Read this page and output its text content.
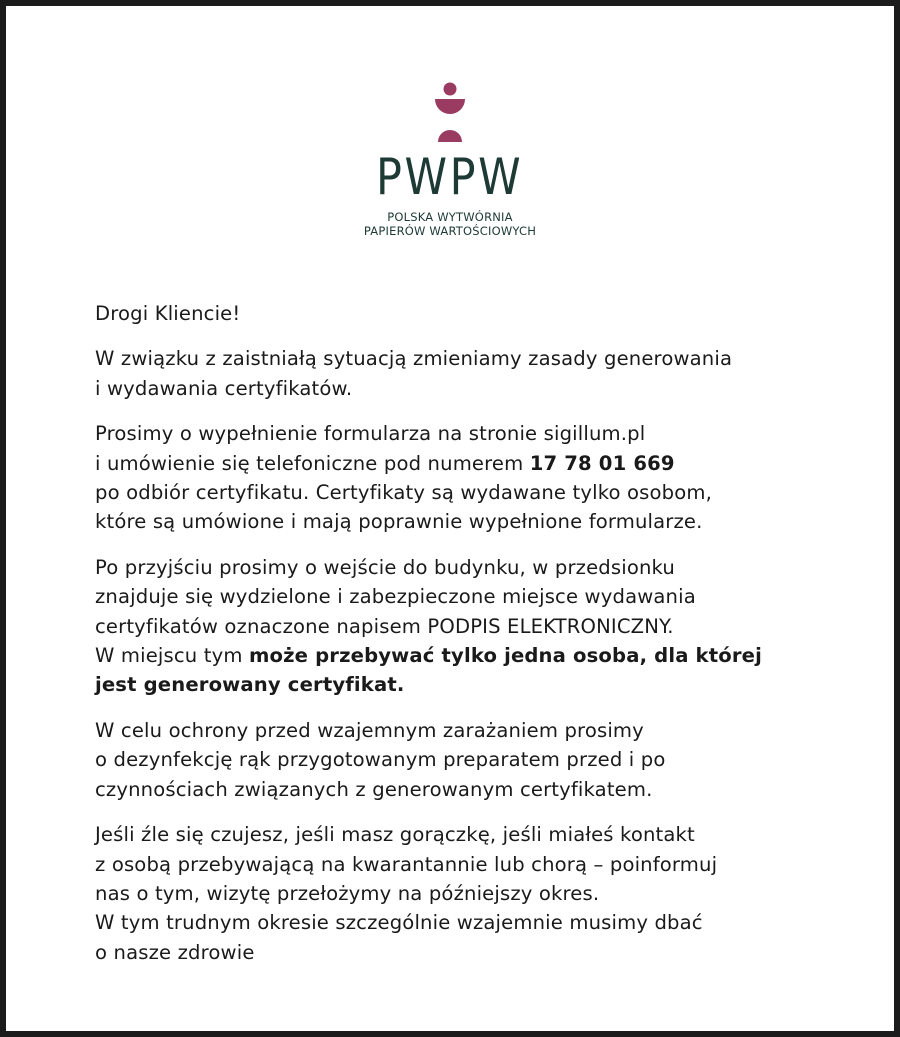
PWPW
POLSKA WYTWÓRNIA
PAPIERÓW WARTOŚCIOWYCH

Drogi Kliencie!

W związku z zaistniałą sytuacją zmieniamy zasady generowania
i wydawania certyfikatów.

Prosimy o wypełnienie formularza na stronie sigillum.pl
i umówienie się telefoniczne pod numerem 17 78 01 669
po odbiór certyfikatu. Certyfikaty są wydawane tylko osobom,
które są umówione i mają poprawnie wypełnione formularze.

Po przyjściu prosimy o wejście do budynku, w przedsionku
znajduje się wydzielone i zabezpieczone miejsce wydawania
certyfikatów oznaczone napisem PODPIS ELEKTRONICZNY.
W miejscu tym może przebywać tylko jedna osoba, dla której
jest generowany certyfikat.

W celu ochrony przed wzajemnym zarażaniem prosimy
o dezynfekcję rąk przygotowanym preparatem przed i po
czynnościach związanych z generowanym certyfikatem.

Jeśli źle się czujesz, jeśli masz gorączkę, jeśli miałeś kontakt
z osobą przebywającą na kwarantannie lub chorą – poinformuj
nas o tym, wizytę przełożymy na późniejszy okres.
W tym trudnym okresie szczególnie wzajemnie musimy dbać
o nasze zdrowie
